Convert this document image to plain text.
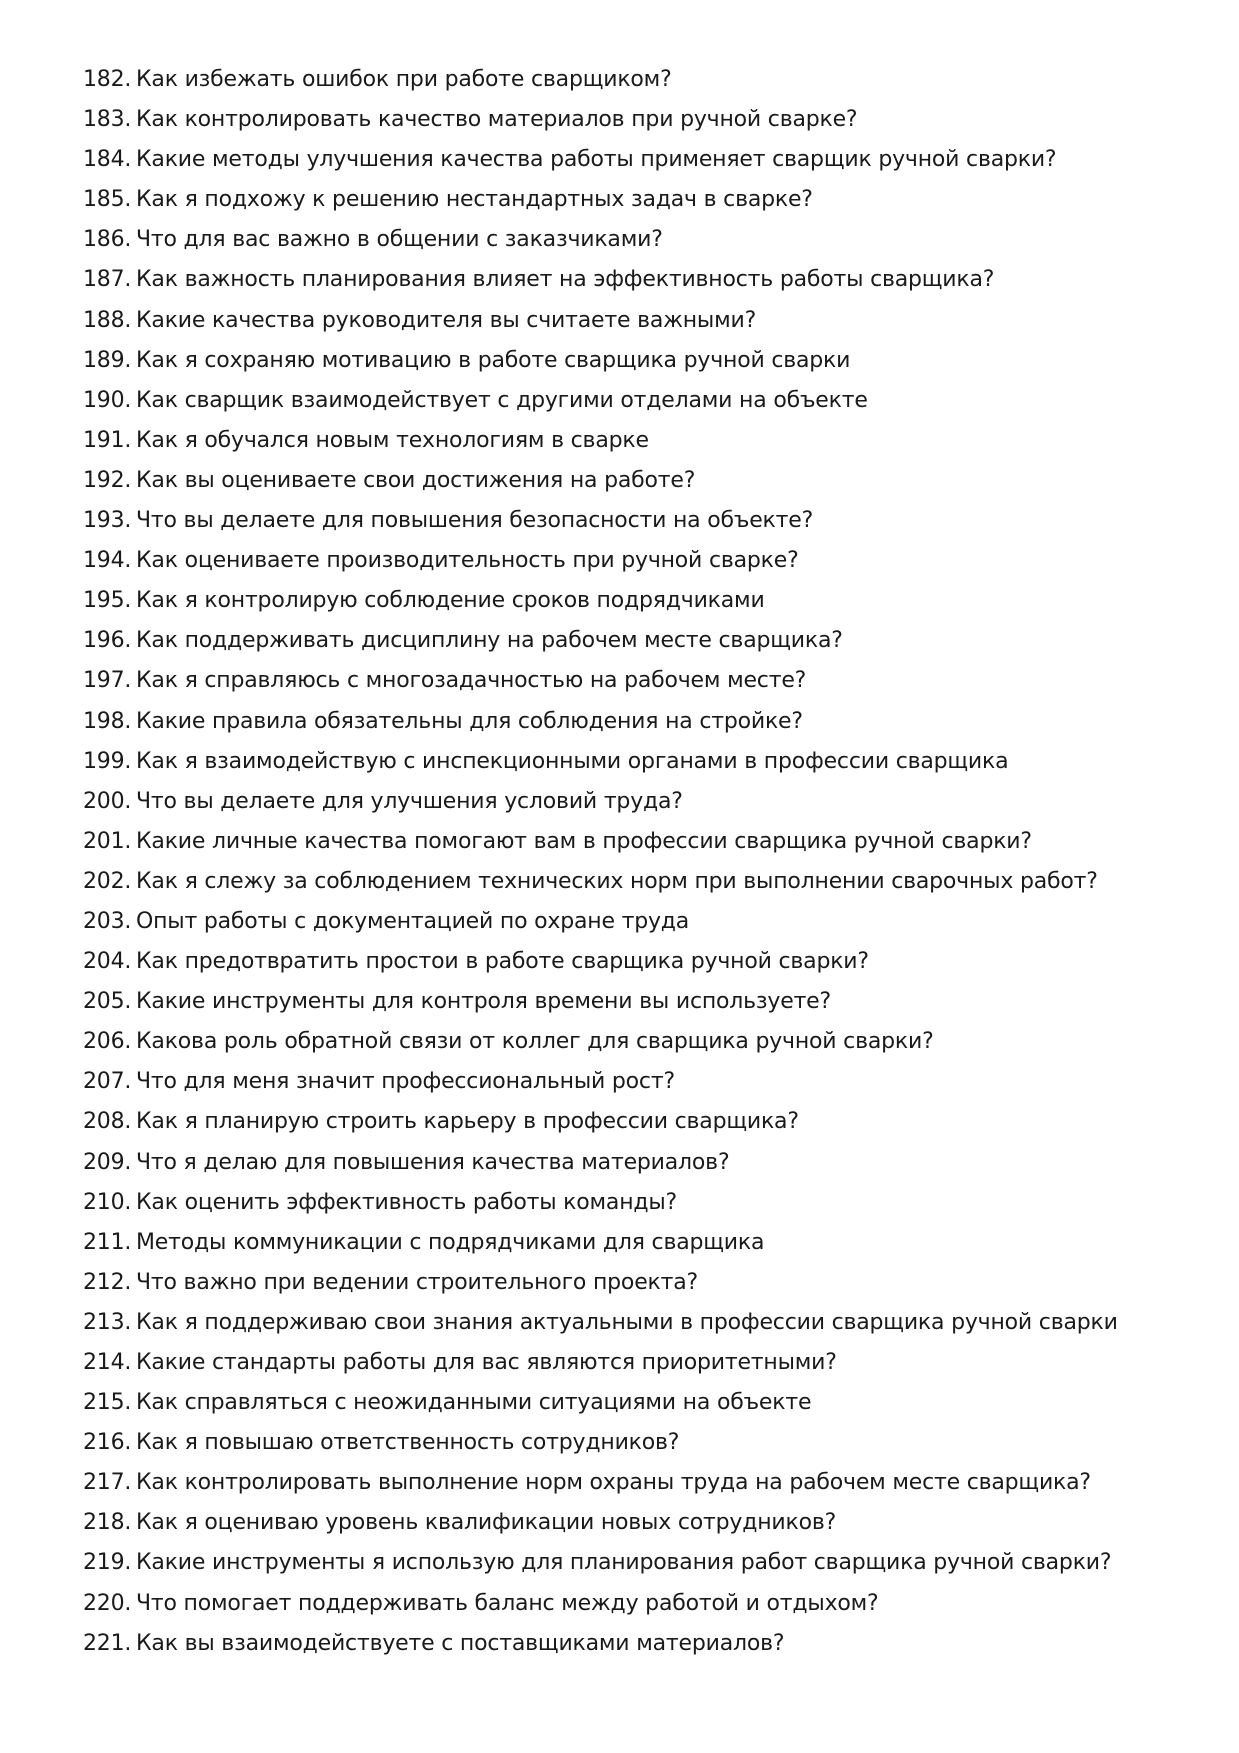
182. Как избежать ошибок при работе сварщиком?
183. Как контролировать качество материалов при ручной сварке?
184. Какие методы улучшения качества работы применяет сварщик ручной сварки?
185. Как я подхожу к решению нестандартных задач в сварке?
186. Что для вас важно в общении с заказчиками?
187. Как важность планирования влияет на эффективность работы сварщика?
188. Какие качества руководителя вы считаете важными?
189. Как я сохраняю мотивацию в работе сварщика ручной сварки
190. Как сварщик взаимодействует с другими отделами на объекте
191. Как я обучался новым технологиям в сварке
192. Как вы оцениваете свои достижения на работе?
193. Что вы делаете для повышения безопасности на объекте?
194. Как оцениваете производительность при ручной сварке?
195. Как я контролирую соблюдение сроков подрядчиками
196. Как поддерживать дисциплину на рабочем месте сварщика?
197. Как я справляюсь с многозадачностью на рабочем месте?
198. Какие правила обязательны для соблюдения на стройке?
199. Как я взаимодействую с инспекционными органами в профессии сварщика
200. Что вы делаете для улучшения условий труда?
201. Какие личные качества помогают вам в профессии сварщика ручной сварки?
202. Как я слежу за соблюдением технических норм при выполнении сварочных работ?
203. Опыт работы с документацией по охране труда
204. Как предотвратить простои в работе сварщика ручной сварки?
205. Какие инструменты для контроля времени вы используете?
206. Какова роль обратной связи от коллег для сварщика ручной сварки?
207. Что для меня значит профессиональный рост?
208. Как я планирую строить карьеру в профессии сварщика?
209. Что я делаю для повышения качества материалов?
210. Как оценить эффективность работы команды?
211. Методы коммуникации с подрядчиками для сварщика
212. Что важно при ведении строительного проекта?
213. Как я поддерживаю свои знания актуальными в профессии сварщика ручной сварки
214. Какие стандарты работы для вас являются приоритетными?
215. Как справляться с неожиданными ситуациями на объекте
216. Как я повышаю ответственность сотрудников?
217. Как контролировать выполнение норм охраны труда на рабочем месте сварщика?
218. Как я оцениваю уровень квалификации новых сотрудников?
219. Какие инструменты я использую для планирования работ сварщика ручной сварки?
220. Что помогает поддерживать баланс между работой и отдыхом?
221. Как вы взаимодействуете с поставщиками материалов?
